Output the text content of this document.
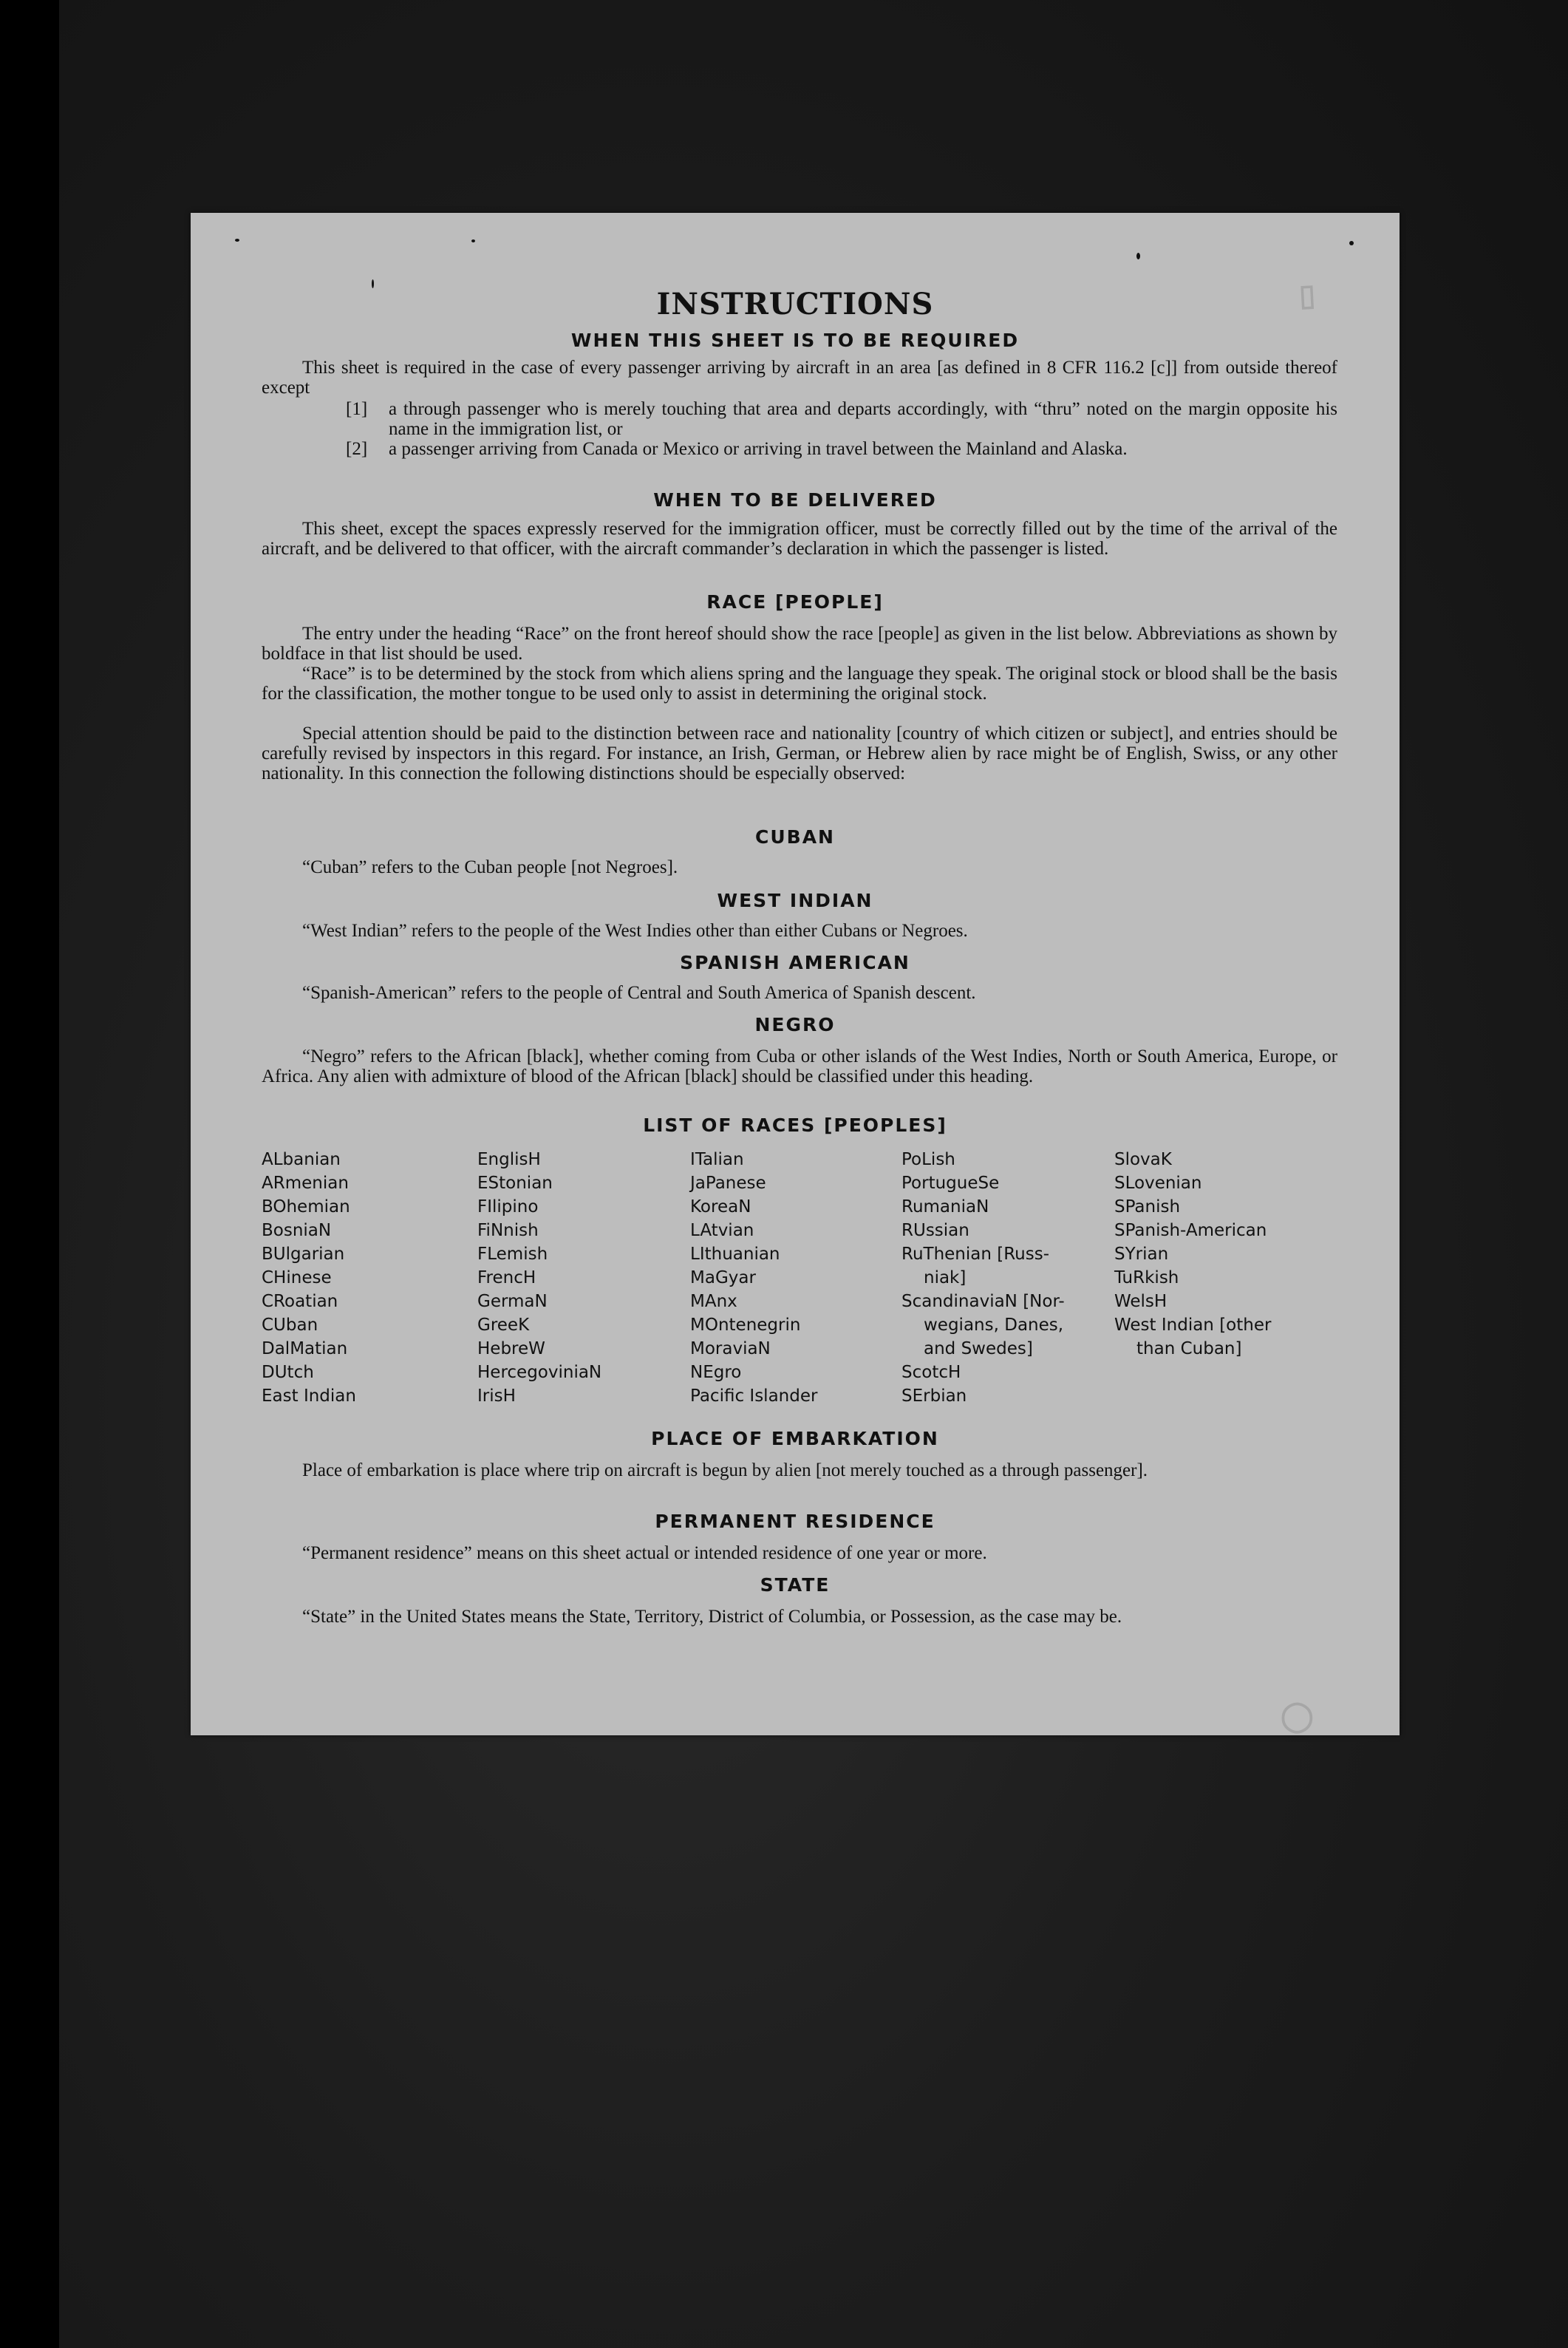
▯
◯
INSTRUCTIONS
WHEN THIS SHEET IS TO BE REQUIRED
This sheet is required in the case of every passenger arriving by aircraft in an area [as defined in 8 CFR 116.2 [c]] from outside thereof except
[1] a through passenger who is merely touching that area and departs accordingly, with “thru” noted on the margin opposite his name in the immigration list, or
[2] a passenger arriving from Canada or Mexico or arriving in travel between the Mainland and Alaska.
WHEN TO BE DELIVERED
This sheet, except the spaces expressly reserved for the immigration officer, must be correctly filled out by the time of the arrival of the aircraft, and be delivered to that officer, with the aircraft commander’s declaration in which the passenger is listed.
RACE [PEOPLE]
The entry under the heading “Race” on the front hereof should show the race [people] as given in the list below. Abbreviations as shown by boldface in that list should be used.
“Race” is to be determined by the stock from which aliens spring and the language they speak. The original stock or blood shall be the basis for the classification, the mother tongue to be used only to assist in determining the original stock.
Special attention should be paid to the distinction between race and nationality [country of which citizen or subject], and entries should be carefully revised by inspectors in this regard. For instance, an Irish, German, or Hebrew alien by race might be of English, Swiss, or any other nationality. In this connection the following distinctions should be especially observed:
CUBAN
“Cuban” refers to the Cuban people [not Negroes].
WEST INDIAN
“West Indian” refers to the people of the West Indies other than either Cubans or Negroes.
SPANISH AMERICAN
“Spanish-American” refers to the people of Central and South America of Spanish descent.
NEGRO
“Negro” refers to the African [black], whether coming from Cuba or other islands of the West Indies, North or South America, Europe, or Africa. Any alien with admixture of blood of the African [black] should be classified under this heading.
LIST OF RACES [PEOPLES]
ALbanian
ARmenian
BOhemian
BosniaN
BUlgarian
CHinese
CRoatian
CUban
DalMatian
DUtch
East Indian
EnglisH
EStonian
FIlipino
FiNnish
FLemish
FrencH
GermaN
GreeK
HebreW
HercegovinіaN
IrisH
ITalian
JaPanese
KoreaN
LAtvian
LIthuanian
MaGyar
MAnx
MOntenegrin
MoraviaN
NEgro
Pacific Islander
PoLish
PortugueSe
RumaniaN
RUssian
RuThenian [Russ-
niak]
ScandinaviaN [Nor-
wegians, Danes,
and Swedes]
ScotcH
SErbian
SlovaK
SLovenian
SPanish
SPanish-American
SYrian
TuRkish
WelsH
West Indian [other
than Cuban]
PLACE OF EMBARKATION
Place of embarkation is place where trip on aircraft is begun by alien [not merely touched as a through passenger].
PERMANENT RESIDENCE
“Permanent residence” means on this sheet actual or intended residence of one year or more.
STATE
“State” in the United States means the State, Territory, District of Columbia, or Possession, as the case may be.
